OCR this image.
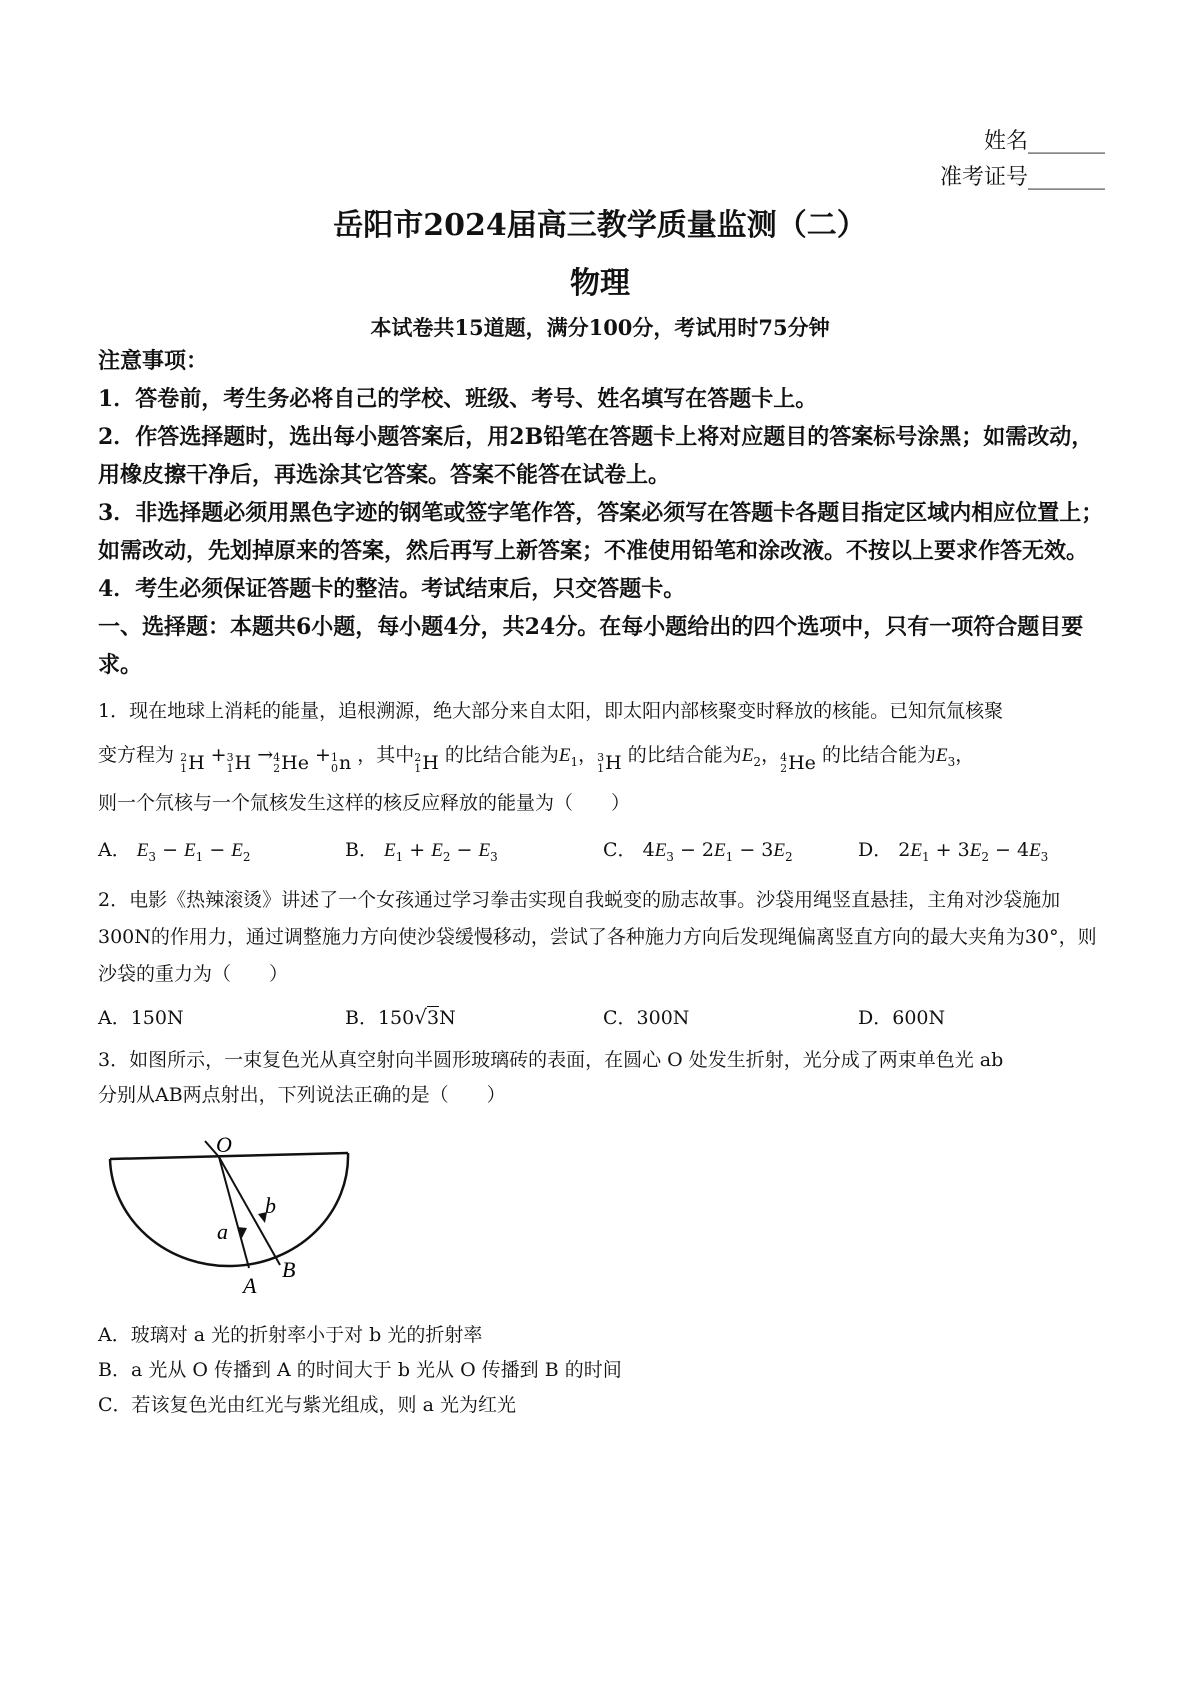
姓名_______
准考证号_______
岳阳市2024届高三教学质量监测（二）
物理
本试卷共15道题，满分100分，考试用时75分钟
注意事项：
1．答卷前，考生务必将自己的学校、班级、考号、姓名填写在答题卡上。
2．作答选择题时，选出每小题答案后，用2B铅笔在答题卡上将对应题目的答案标号涂黑；如需改动，用橡皮擦干净后，再选涂其它答案。答案不能答在试卷上。
3．非选择题必须用黑色字迹的钢笔或签字笔作答，答案必须写在答题卡各题目指定区域内相应位置上；如需改动，先划掉原来的答案，然后再写上新答案；不准使用铅笔和涂改液。不按以上要求作答无效。
4．考生必须保证答题卡的整洁。考试结束后，只交答题卡。
一、选择题：本题共6小题，每小题4分，共24分。在每小题给出的四个选项中，只有一项符合题目要求。
1．现在地球上消耗的能量，追根溯源，绝大部分来自太阳，即太阳内部核聚变时释放的核能。已知氘氚核聚
变方程为 2
1 H + 3
1 H → 4
2 He + 1
0 n ，其中 2
1 H 的比结合能为$E_1$， 3
1 H 的比结合能为$E_2$， 4
2 He 的比结合能为$E_3$，
则一个氘核与一个氚核发生这样的核反应释放的能量为（　　）
A． $E_3 - E_1 - E_2$	B． $E_1 + E_2 - E_3$	C． $4E_3 - 2E_1 - 3E_2$	D． $2E_1 + 3E_2 - 4E_3$
2．电影《热辣滚烫》讲述了一个女孩通过学习拳击实现自我蜕变的励志故事。沙袋用绳竖直悬挂，主角对沙袋施加300N的作用力，通过调整施力方向使沙袋缓慢移动，尝试了各种施力方向后发现绳偏离竖直方向的最大夹角为30°，则沙袋的重力为（　　）
A．150N	B．150√3N	C．300N	D．600N
3．如图所示，一束复色光从真空射向半圆形玻璃砖的表面，在圆心 O 处发生折射，光分成了两束单色光 ab
分别从AB两点射出，下列说法正确的是（　　）
O
b
a
A
B
A．玻璃对 a 光的折射率小于对 b 光的折射率
B．a 光从 O 传播到 A 的时间大于 b 光从 O 传播到 B 的时间
C．若该复色光由红光与紫光组成，则 a 光为红光
